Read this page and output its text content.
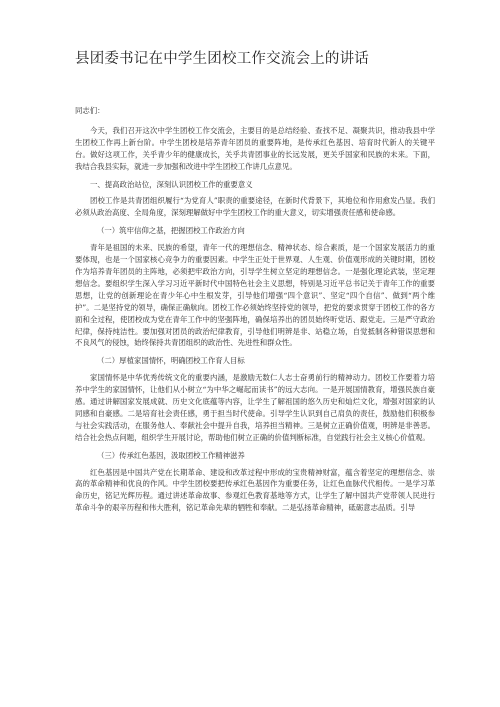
县团委书记在中学生团校工作交流会上的讲话

同志们：

今天，我们召开这次中学生团校工作交流会，主要目的是总结经验、查找不足、凝聚共识，推动我县中学生团校工作再上新台阶。中学生团校是培养青年团员的重要阵地，是传承红色基因、培育时代新人的关键平台。做好这项工作，关乎青少年的健康成长，关乎共青团事业的长远发展，更关乎国家和民族的未来。下面，我结合我县实际，就进一步加强和改进中学生团校工作讲几点意见。

一、提高政治站位，深刻认识团校工作的重要意义

团校工作是共青团组织履行“为党育人”职责的重要途径，在新时代背景下，其地位和作用愈发凸显。我们必须从政治高度、全局角度，深刻理解做好中学生团校工作的重大意义，切实增强责任感和使命感。

（一）筑牢信仰之基，把握团校工作政治方向

青年是祖国的未来、民族的希望，青年一代的理想信念、精神状态、综合素质，是一个国家发展活力的重要体现，也是一个国家核心竞争力的重要因素。中学生正处于世界观、人生观、价值观形成的关键时期，团校作为培养青年团员的主阵地，必须把牢政治方向，引导学生树立坚定的理想信念。一是强化理论武装，坚定理想信念。要组织学生深入学习习近平新时代中国特色社会主义思想，特别是习近平总书记关于青年工作的重要思想，让党的创新理论在青少年心中生根发芽，引导他们增强“四个意识”、坚定“四个自信”、做到“两个维护”。二是坚持党的领导，确保正确航向。团校工作必须始终坚持党的领导，把党的要求贯穿于团校工作的各方面和全过程，使团校成为党在青年工作中的坚强阵地，确保培养出的团员始终听党话、跟党走。三是严守政治纪律，保持纯洁性。要加强对团员的政治纪律教育，引导他们明辨是非、站稳立场，自觉抵制各种错误思想和不良风气的侵蚀，始终保持共青团组织的政治性、先进性和群众性。

（二）厚植家国情怀，明确团校工作育人目标

家国情怀是中华优秀传统文化的重要内涵，是激励无数仁人志士奋勇前行的精神动力。团校工作要着力培养中学生的家国情怀，让他们从小树立“为中华之崛起而读书”的远大志向。一是开展国情教育，增强民族自豪感。通过讲解国家发展成就、历史文化底蕴等内容，让学生了解祖国的悠久历史和灿烂文化，增强对国家的认同感和自豪感。二是培育社会责任感，勇于担当时代使命。引导学生认识到自己肩负的责任，鼓励他们积极参与社会实践活动，在服务他人、奉献社会中提升自我，培养担当精神。三是树立正确价值观，明辨是非善恶。结合社会热点问题，组织学生开展讨论，帮助他们树立正确的价值判断标准，自觉践行社会主义核心价值观。

（三）传承红色基因，汲取团校工作精神滋养

红色基因是中国共产党在长期革命、建设和改革过程中形成的宝贵精神财富，蕴含着坚定的理想信念、崇高的革命精神和优良的作风。中学生团校要把传承红色基因作为重要任务，让红色血脉代代相传。一是学习革命历史，铭记光辉历程。通过讲述革命故事、参观红色教育基地等方式，让学生了解中国共产党带领人民进行革命斗争的艰辛历程和伟大胜利，铭记革命先辈的牺牲和奉献。二是弘扬革命精神，砥砺意志品质。引导
